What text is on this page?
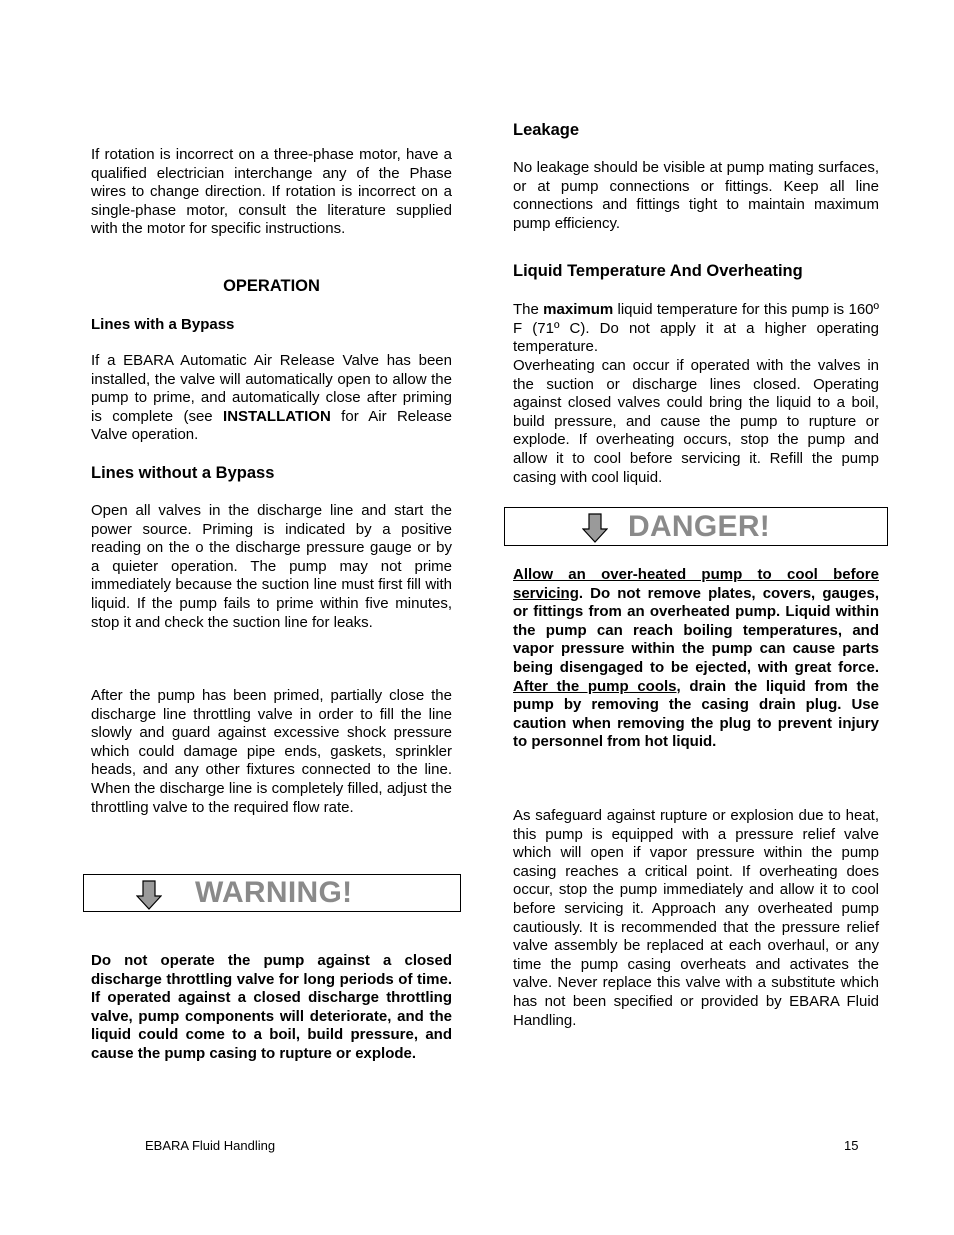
If rotation is incorrect on a three-phase motor, have a qualified electrician interchange any of the Phase wires to change direction. If rotation is incorrect on a single-phase motor, consult the literature supplied with the motor for specific instructions.

OPERATION

Lines with a Bypass

If a EBARA Automatic Air Release Valve has been installed, the valve will automatically open to allow the pump to prime, and automatically close after priming is complete (see INSTALLATION for Air Release Valve operation.

Lines without a Bypass

Open all valves in the discharge line and start the power source. Priming is indicated by a positive reading on the o the discharge pressure gauge or by a quieter operation. The pump may not prime immediately because the suction line must first fill with liquid. If the pump fails to prime within five minutes, stop it and check the suction line for leaks.

After the pump has been primed, partially close the discharge line throttling valve in order to fill the line slowly and guard against excessive shock pressure which could damage pipe ends, gaskets, sprinkler heads, and any other fixtures connected to the line. When the discharge line is completely filled, adjust the throttling valve to the required flow rate.

WARNING!

Do not operate the pump against a closed discharge throttling valve for long periods of time. If operated against a closed discharge throttling valve, pump components will deteriorate, and the liquid could come to a boil, build pressure, and cause the pump casing to rupture or explode.

Leakage

No leakage should be visible at pump mating surfaces, or at pump connections or fittings. Keep all line connections and fittings tight to maintain maximum pump efficiency.

Liquid Temperature And Overheating

The maximum liquid temperature for this pump is 160º F (71º C). Do not apply it at a higher operating temperature.

Overheating can occur if operated with the valves in the suction or discharge lines closed. Operating against closed valves could bring the liquid to a boil, build pressure, and cause the pump to rupture or explode. If overheating occurs, stop the pump and allow it to cool before servicing it. Refill the pump casing with cool liquid.

DANGER!

Allow an over-heated pump to cool before servicing. Do not remove plates, covers, gauges, or fittings from an overheated pump. Liquid within the pump can reach boiling temperatures, and vapor pressure within the pump can cause parts being disengaged to be ejected, with great force. After the pump cools, drain the liquid from the pump by removing the casing drain plug. Use caution when removing the plug to prevent injury to personnel from hot liquid.

As safeguard against rupture or explosion due to heat, this pump is equipped with a pressure relief valve which will open if vapor pressure within the pump casing reaches a critical point. If overheating does occur, stop the pump immediately and allow it to cool before servicing it. Approach any overheated pump cautiously. It is recommended that the pressure relief valve assembly be replaced at each overhaul, or any time the pump casing overheats and activates the valve. Never replace this valve with a substitute which has not been specified or provided by EBARA Fluid Handling.

EBARA Fluid Handling	15
